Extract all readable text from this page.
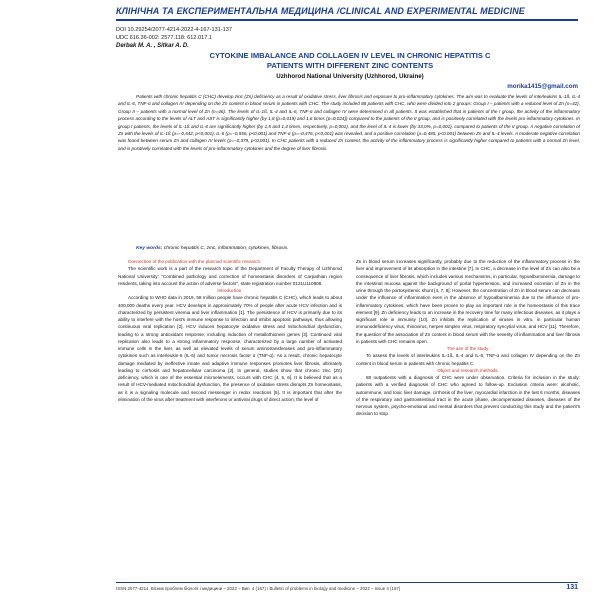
КЛІНІЧНА ТА ЕКСПЕРИМЕНТАЛЬНА МЕДИЦИНА /CLINICAL AND EXPERIMENTAL MEDICINE
DOI 10.29254/2077-4214-2022-4-167-131-137
UDC 616.36-002: 2577.118: 612.017.1
Derbak M. A. , Sitkar A. D.
CYTOKINE IMBALANCE AND COLLAGEN IV LEVEL IN CHRONIC HEPATITIS C
PATIENTS WITH DIFFERENT ZINC CONTENTS
Uzhhorod National University (Uzhhorod, Ukraine)
morika1415@gmail.com

Patients with chronic hepatitis C (CHC) develop zinc (Zn) deficiency as a result of oxidative stress, liver fibrosis and exposure to pro-inflammatory cytokines. The aim was to evaluate the levels of interleukins IL-1ß, IL-4 and IL-6, TNF-α and collagen IV depending on the Zn content in blood serum in patients with CHC. The study included 88 patients with CHC, who were divided into 2 groups: Group I – patients with a reduced level of Zn (n=42), Group II – patients with a normal level of Zn (n=46). The levels of IL-1ß, IL-4 and IL-6, TNF-α and collagen IV were determined in all patients. It was established that in patients of the I group, the activity of the inflammatory process according to the levels of ALT and AST is significantly higher (by 1,8 (p=0,019) and 1,6 times (p=0,024)) compared to the patients of the II group, and is positively correlated with the levels pro-inflammatory cytokines. In group I patients, the levels of IL-1ß and IL-6 are significantly higher (by 1,5 and 1,4 times, respectively, p=0,001), and the level of IL-4 is lower (by 33,0%, p=0,001), compared to patients of the II group. A negative correlation of Zn with the levels of IL-1ß (ρ=–0,542, p<0,001), IL-6 (ρ=–0,556, p<0,001) and TNF-α (ρ=–0,476, p<0,001) was revealed, and a positive correlation (ρ=0,485, p<0,001) between Zn and IL-4 levels. A moderate negative correlation was found between serum Zn and collagen IV levels (ρ=–0,379, p<0,001). In CHC patients with a reduced Zn content, the activity of the inflammatory process is significantly higher compared to patients with a normal Zn level, and is positively correlated with the levels of pro-inflammatory cytokines and the degree of liver fibrosis.

Key words: chronic hepatitis C, zinc, inflammation, cytokines, fibrosis.

Connection of the publication with the planned scientific research.

The scientific work is a part of the research topic of the Department of Faculty Therapy of Uzhhorod National University: "Combined pathology and correction of homeostasis disorders of Carpathian region residents, taking into account the action of adverse factors", state registration number 0121U110808.

Introduction.

According to WHO data in 2019, 58 million people have chronic hepatitis C (CHC), which leads to about 400,000 deaths every year. HCV develops in approximately 70% of people after acute HCV infection and is characterized by persistent viremia and liver inflammation [1]. The persistence of HCV is primarily due to its ability to interfere with the host's immune response to infection and inhibit apoptotic pathways, thus allowing continuous viral replication [2]. HCV induces hepatocyte oxidative stress and mitochondrial dysfunction, leading to a strong antioxidant response, including induction of metallothionein genes [3]. Continued viral replication also leads to a strong inflammatory response, characterized by a large number of activated immune cells in the liver, as well as elevated levels of serum aminotransferases and pro-inflammatory cytokines such as interleukin-6 (IL-6) and tumor necrosis factor α (TNF-α). As a result, chronic hepatocyte damage mediated by ineffective innate and adaptive immune responses promotes liver fibrosis, ultimately leading to cirrhosis and hepatocellular carcinoma [2]. In general, studies show that chronic zinc (Zn) deficiency, which is one of the essential microelements, occurs with CHC [4, 5, 6]. It is believed that as a result of HCV-mediated mitochondrial dysfunction, the presence of oxidative stress disrupts Zn homeostasis, as it is a signaling molecule and second messenger in redox reactions [5]. It is important that after the elimination of the virus after treatment with interferons or antiviral drugs of direct action, the level of

Zn in blood serum increases significantly, probably due to the reduction of the inflammatory process in the liver and improvement of its absorption in the intestine [7]. In CHC, a decrease in the level of Zn can also be a consequence of liver fibrosis, which includes various mechanisms, in particular, hypoalbuminemia, damage to the intestinal mucosa against the background of portal hypertension, and increased excretion of Zn in the urine through the portosystemic shunt [4, 7, 8]. However, the concentration of Zn in blood serum can decrease under the influence of inflammation even in the absence of hypoalbuminemia due to the influence of pro-inflammatory cytokines, which have been proven to play an important role in the homeostasis of this trace element [9]. Zn deficiency leads to an increase in the recovery time for many infectious diseases, as it plays a significant role in immunity [10]. Zn inhibits the replication of viruses in vitro, in particular human immunodeficiency virus, rhinovirus, herpes simplex virus, respiratory syncytial virus, and HCV [11]. Therefore, the question of the association of Zn content in blood serum with the severity of inflammation and liver fibrosis in patients with CHC remains open.

The aim of the study.

To assess the levels of interleukins IL-1ß, IL-4 and IL-6, TNF-α and collagen IV depending on the Zn content in blood serum in patients with chronic hepatitis C.

Object and research methods.

88 outpatients with a diagnosis of CHC were under observation. Criteria for inclusion in the study: patients with a verified diagnosis of CHC who agreed to follow-up. Exclusion criteria were: alcoholic, autoimmune, and toxic liver damage, cirrhosis of the liver, myocardial infarction in the last 6 months, diseases of the respiratory and gastrointestinal tract in the acute phase, decompensated diseases, diseases of the nervous system, psycho-emotional and mental disorders that prevent conducting this study and the patient's decision to stop

ISSN 2077-4214. Вісник проблем біології і медицини – 2022 – Вип. 4 (167) / Bulletin of problems in biology and medicine – 2022 – Issue 4 (167)	131
